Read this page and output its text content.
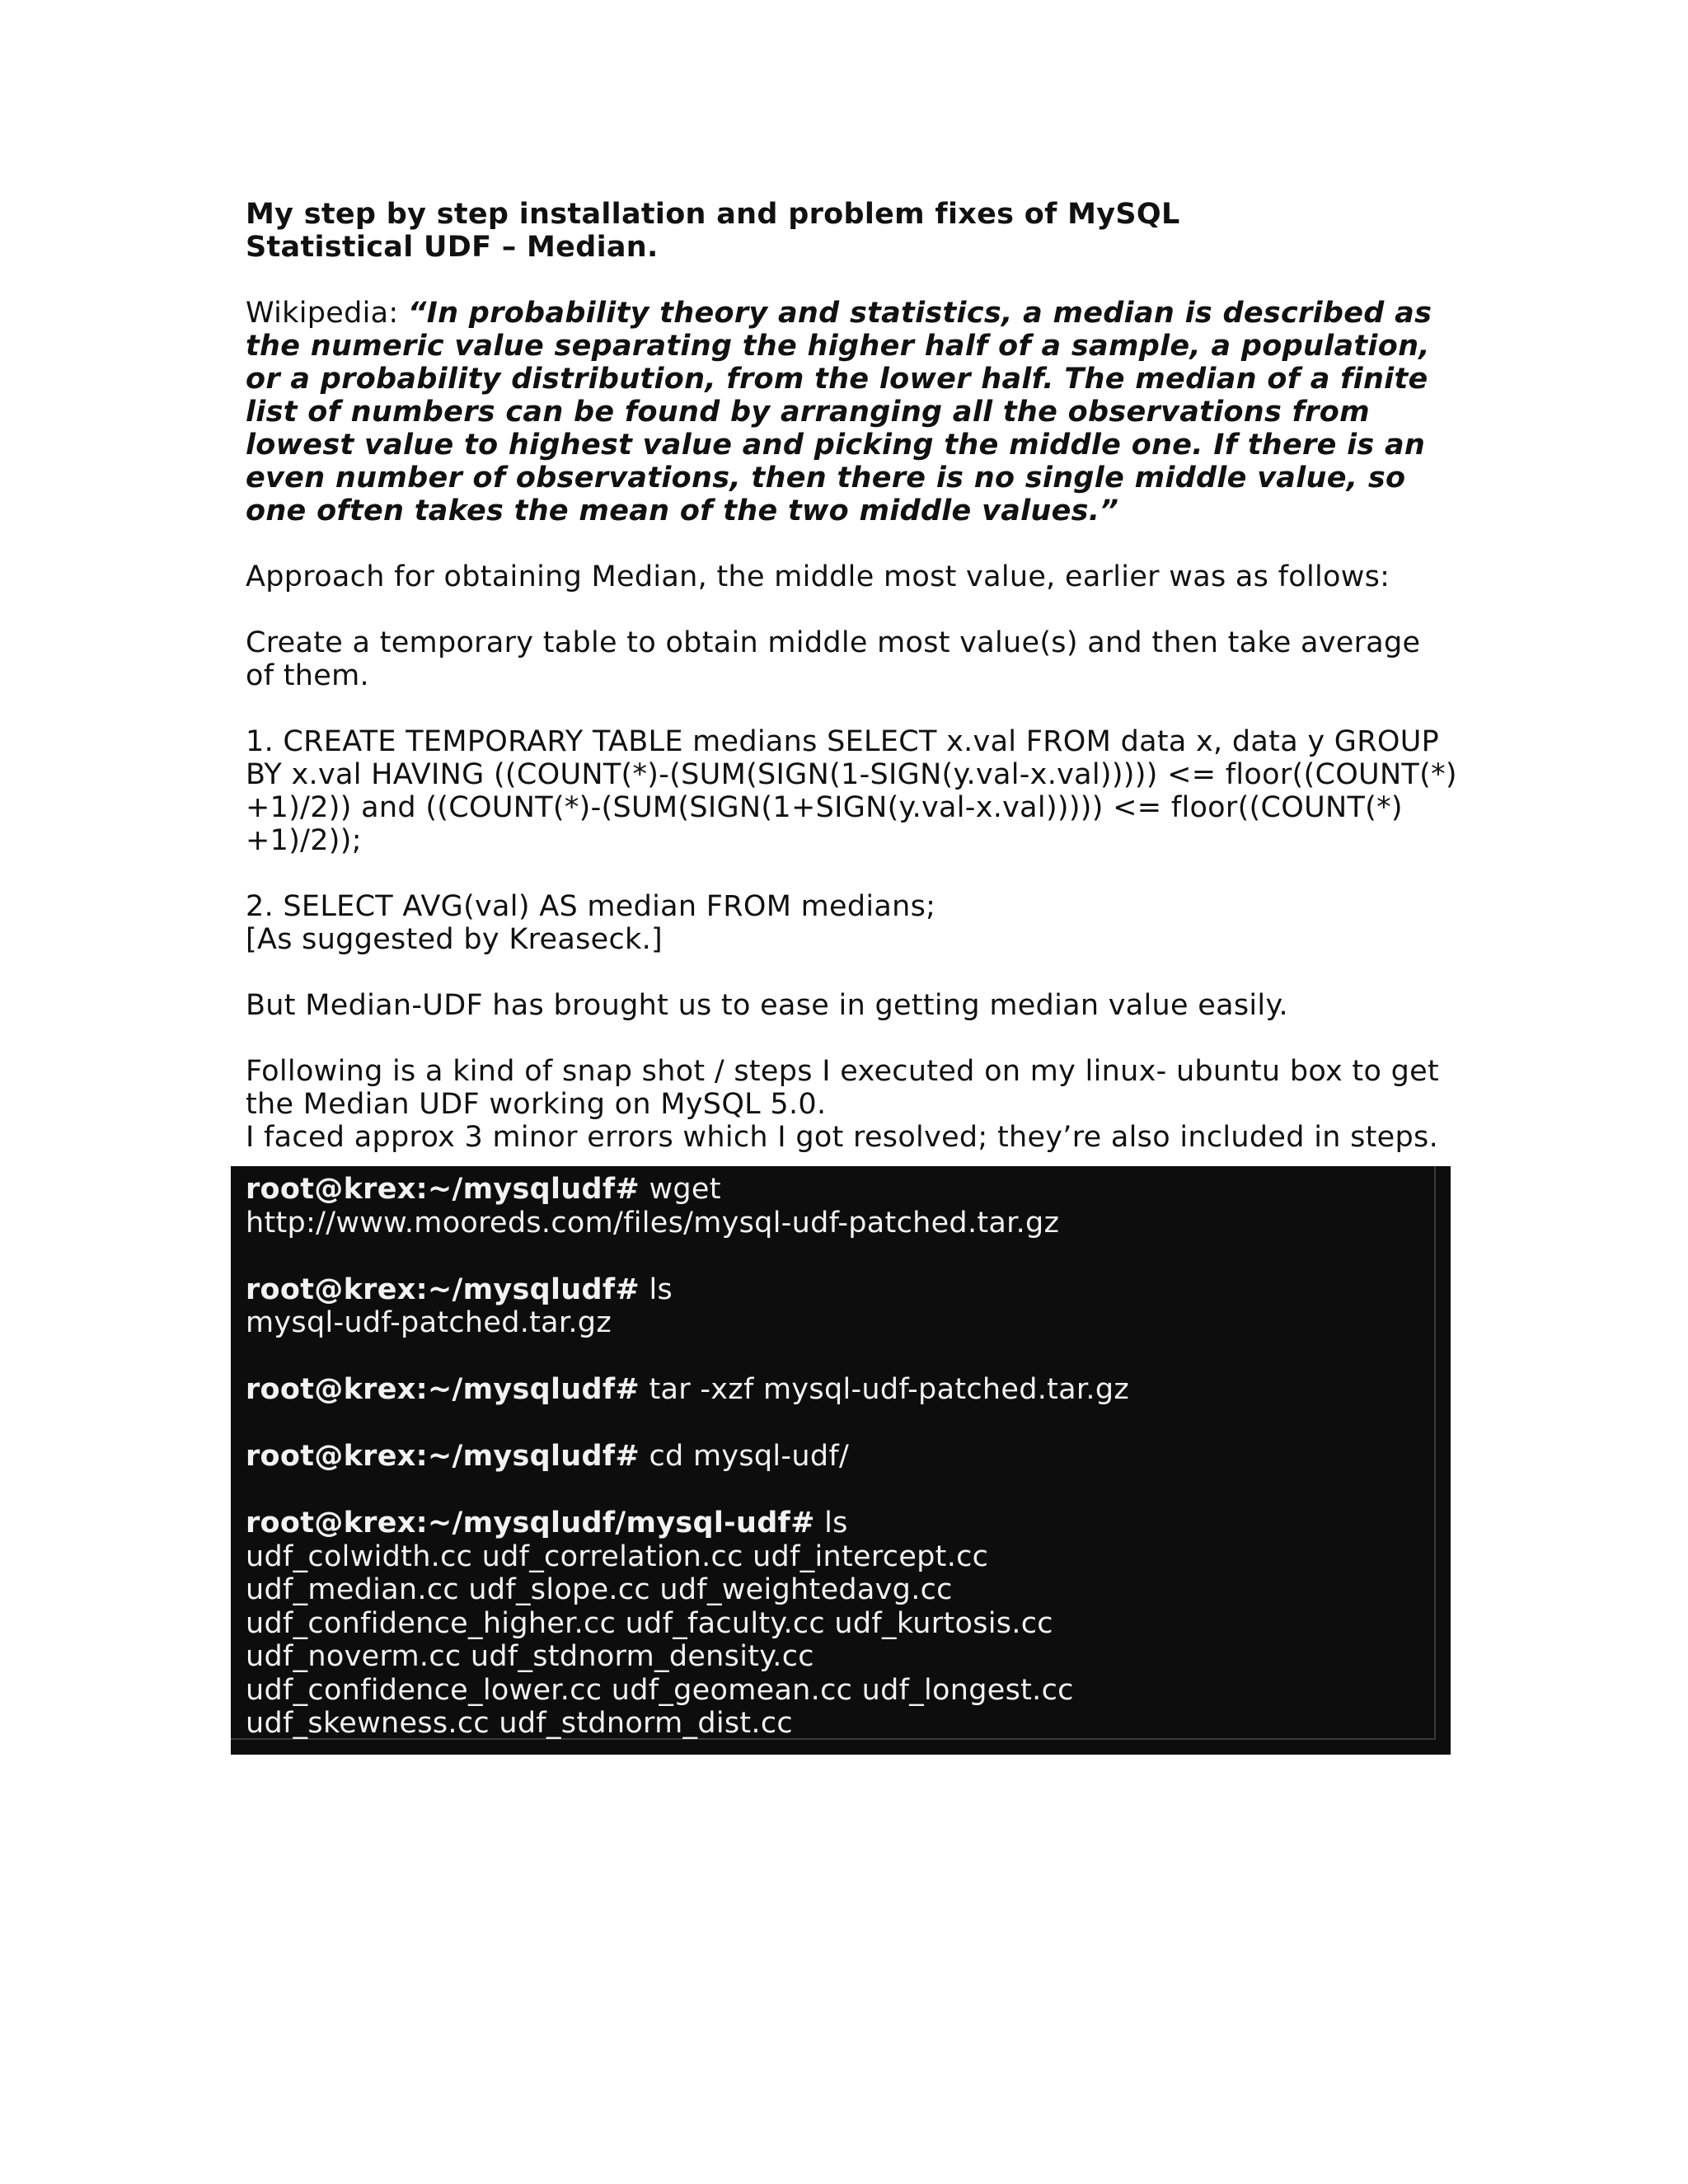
My step by step installation and problem fixes of MySQL
Statistical UDF – Median.

Wikipedia: “In probability theory and statistics, a median is described as the numeric value separating the higher half of a sample, a population, or a probability distribution, from the lower half. The median of a finite list of numbers can be found by arranging all the observations from lowest value to highest value and picking the middle one. If there is an even number of observations, then there is no single middle value, so one often takes the mean of the two middle values.”

Approach for obtaining Median, the middle most value, earlier was as follows:

Create a temporary table to obtain middle most value(s) and then take average of them.

1. CREATE TEMPORARY TABLE medians SELECT x.val FROM data x, data y GROUP BY x.val HAVING ((COUNT(*)-(SUM(SIGN(1-SIGN(y.val-x.val))))) <= floor((COUNT(*) +1)/2)) and ((COUNT(*)-(SUM(SIGN(1+SIGN(y.val-x.val))))) <= floor((COUNT(*) +1)/2));

2. SELECT AVG(val) AS median FROM medians;
[As suggested by Kreaseck.]

But Median-UDF has brought us to ease in getting median value easily.

Following is a kind of snap shot / steps I executed on my linux- ubuntu box to get the Median UDF working on MySQL 5.0.
I faced approx 3 minor errors which I got resolved; they’re also included in steps.

root@krex:~/mysqludf# wget
http://www.mooreds.com/files/mysql-udf-patched.tar.gz
root@krex:~/mysqludf# ls
mysql-udf-patched.tar.gz
root@krex:~/mysqludf# tar -xzf mysql-udf-patched.tar.gz
root@krex:~/mysqludf# cd mysql-udf/
root@krex:~/mysqludf/mysql-udf# ls
udf_colwidth.cc udf_correlation.cc udf_intercept.cc
udf_median.cc udf_slope.cc udf_weightedavg.cc
udf_confidence_higher.cc udf_faculty.cc udf_kurtosis.cc
udf_noverm.cc udf_stdnorm_density.cc
udf_confidence_lower.cc udf_geomean.cc udf_longest.cc
udf_skewness.cc udf_stdnorm_dist.cc
